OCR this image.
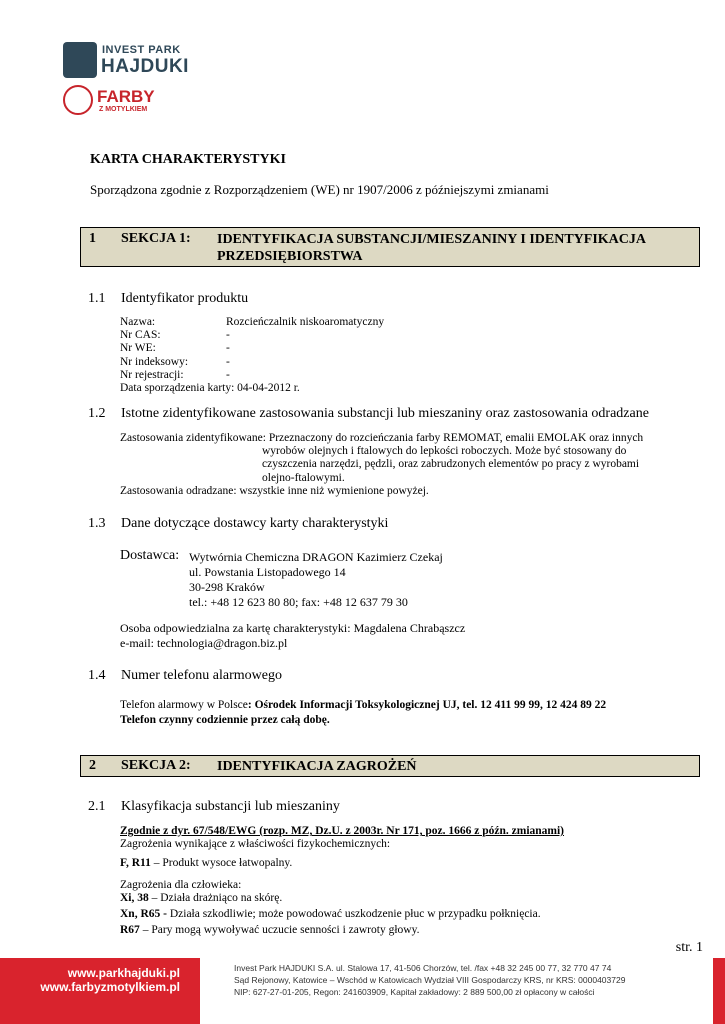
INVEST PARK
HAJDUKI
FARBY
Z MOTYLKIEM
KARTA CHARAKTERYSTYKI
Sporządzona zgodnie z Rozporządzeniem (WE) nr 1907/2006 z późniejszymi zmianami
1 SEKCJA 1: IDENTYFIKACJA SUBSTANCJI/MIESZANINY I IDENTYFIKACJA
PRZEDSIĘBIORSTWA
1.1 Identyfikator produktu
Nazwa:	Rozcieńczalnik niskoaromatyczny
Nr CAS:	-
Nr WE:	-
Nr indeksowy:	-
Nr rejestracji:	-
Data sporządzenia karty: 04-04-2012 r.
1.2 Istotne zidentyfikowane zastosowania substancji lub mieszaniny oraz zastosowania odradzane
Zastosowania zidentyfikowane: Przeznaczony do rozcieńczania farby REMOMAT, emalii EMOLAK oraz innych
wyrobów olejnych i ftalowych do lepkości roboczych. Może być stosowany do
czyszczenia narzędzi, pędzli, oraz zabrudzonych elementów po pracy z wyrobami
olejno-ftalowymi.
Zastosowania odradzane: wszystkie inne niż wymienione powyżej.
1.3 Dane dotyczące dostawcy karty charakterystyki
Dostawca: Wytwórnia Chemiczna DRAGON Kazimierz Czekaj
ul. Powstania Listopadowego 14
30-298 Kraków
tel.: +48 12 623 80 80; fax: +48 12 637 79 30
Osoba odpowiedzialna za kartę charakterystyki: Magdalena Chrabąszcz
e-mail: technologia@dragon.biz.pl
1.4 Numer telefonu alarmowego
Telefon alarmowy w Polsce: Ośrodek Informacji Toksykologicznej UJ, tel. 12 411 99 99, 12 424 89 22
Telefon czynny codziennie przez całą dobę.
2 SEKCJA 2: IDENTYFIKACJA ZAGROŻEŃ
2.1 Klasyfikacja substancji lub mieszaniny
Zgodnie z dyr. 67/548/EWG (rozp. MZ, Dz.U. z 2003r. Nr 171, poz. 1666 z późn. zmianami)
Zagrożenia wynikające z właściwości fizykochemicznych:
F, R11 – Produkt wysoce łatwopalny.
Zagrożenia dla człowieka:
Xi, 38 – Działa drażniąco na skórę.
Xn, R65 - Działa szkodliwie; może powodować uszkodzenie płuc w przypadku połknięcia.
R67 – Pary mogą wywoływać uczucie senności i zawroty głowy.
str. 1
www.parkhajduki.pl
www.farbyzmotylkiem.pl
Invest Park HAJDUKI S.A. ul. Stalowa 17, 41-506 Chorzów, tel. /fax +48 32 245 00 77, 32 770 47 74
Sąd Rejonowy, Katowice – Wschód w Katowicach Wydział VIII Gospodarczy KRS, nr KRS: 0000403729
NIP: 627-27-01-205, Regon: 241603909, Kapitał zakładowy: 2 889 500,00 zł opłacony w całości
